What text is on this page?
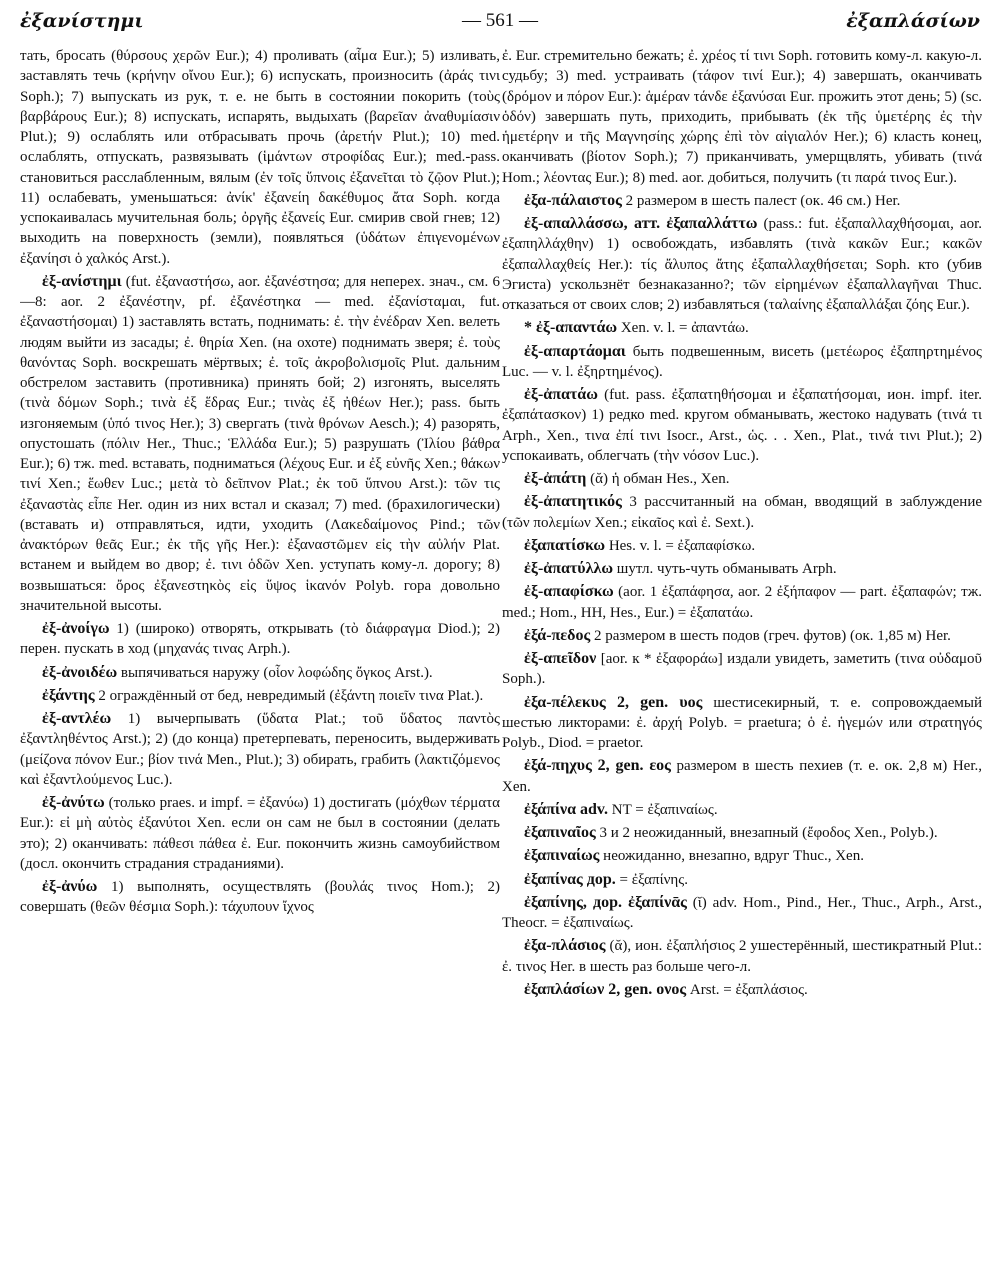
ἐξανίστημι	— 561 —	ἐξαπλάσίων

тать, бросать (θύρσους χερῶν Eur.); 4) проливать (αἷμα Eur.); 5) изливать, заставлять течь (κρήνην οἴνου Eur.); 6) испускать, произносить (ἀράς τινι Soph.); 7) выпускать из рук, т. е. не быть в состоянии покорить (τοὺς βαρβάρους Eur.); 8) испускать, испарять, выдыхать (βαρεῖαν ἀναθυμίασιν Plut.); 9) ослаблять или отбрасывать прочь (ἀρετήν Plut.); 10) med. ослаблять, отпускать, развязывать (ἱμάντων στροφίδας Eur.); med.-pass. становиться расслабленным, вялым (ἐν τοῖς ὕπνοις ἐξανεῖται τὸ ζῷον Plut.); 11) ослабевать, уменьшаться: ἀνίκ' ἐξανείη δακέθυμος ἄτα Soph. когда успокаивалась мучительная боль; ὀργῆς ἐξανείς Eur. смирив свой гнев; 12) выходить на поверхность (земли), появляться (ὑδάτων ἐπιγενομένων ἐξανίησι ὁ χαλκός Arst.).

ἐξ-ανίστημι (fut. ἐξαναστήσω, aor. ἐξανέστησα; для неперех. знач., см. 6—8: aor. 2 ἐξανέστην, pf. ἐξανέστηκα — med. ἐξανίσταμαι, fut. ἐξαναστήσομαι) 1) заставлять встать, поднимать: ἐ. τὴν ἐνέδραν Xen. велеть людям выйти из засады; ἐ. θηρία Xen. (на охоте) поднимать зверя; ἐ. τοὺς θανόντας Soph. воскрешать мёртвых; ἐ. τοῖς ἀκροβολισμοῖς Plut. дальним обстрелом заставить (противника) принять бой; 2) изгонять, выселять (τινὰ δόμων Soph.; τινὰ ἐξ ἕδρας Eur.; τινὰς ἐξ ἠθέων Her.); pass. быть изгоняемым (ὑπό τινος Her.); 3) свергать (τινὰ θρόνων Aesch.); 4) разорять, опустошать (πόλιν Her., Thuc.; Ἑλλάδα Eur.); 5) разрушать (Ἰλίου βάθρα Eur.); 6) тж. med. вставать, подниматься (λέχους Eur. и ἐξ εὐνῆς Xen.; θάκων τινί Xen.; ἕωθεν Luc.; μετὰ τὸ δεῖπνον Plat.; ἐκ τοῦ ὕπνου Arst.): τῶν τις ἐξαναστὰς εἶπε Her. один из них встал и сказал; 7) med. (брахилогически) (вставать и) отправляться, идти, уходить (Λακεδαίμονος Pind.; τῶν ἀνακτόρων θεᾶς Eur.; ἐκ τῆς γῆς Her.): ἐξαναστῶμεν εἰς τὴν αὐλήν Plat. встанем и выйдем во двор; ἐ. τινι ὁδῶν Xen. уступать кому-л. дорогу; 8) возвышаться: ὄρος ἐξανεστηκὸς εἰς ὕψος ἱκανόν Polyb. гора довольно значительной высоты.

ἐξ-ἀνοίγω 1) (широко) отворять, открывать (τὸ διάφραγμα Diod.); 2) перен. пускать в ход (μηχανάς τινας Arph.).

ἐξ-ἀνοιδέω выпячиваться наружу (οἷον λοφώδης ὄγκος Arst.).

ἐξάντης 2 ограждённый от бед, невредимый (ἐξάντη ποιεῖν τινα Plat.).

ἐξ-αντλέω 1) вычерпывать (ὕδατα Plat.; τοῦ ὕδατος παντὸς ἐξαντληθέντος Arst.); 2) (до конца) претерпевать, переносить, выдерживать (μείζονα πόνον Eur.; βίον τινά Men., Plut.); 3) обирать, грабить (λακτιζόμενος καὶ ἐξαντλούμενος Luc.).

ἐξ-ἀνύτω (только praes. и impf. = ἐξανύω) 1) достигать (μόχθων τέρματα Eur.): εἰ μὴ αὐτὸς ἐξανύτοι Xen. если он сам не был в состоянии (делать это); 2) оканчивать: πάθεσι πάθεα ἐ. Eur. покончить жизнь самоубийством (досл. окончить страдания страданиями).

ἐξ-ἀνύω 1) выполнять, осуществлять (βουλάς τινος Hom.); 2) совершать (θεῶν θέσμια Soph.): τάχυπουν ἴχνος

ἐ. Eur. стремительно бежать; ἐ. χρέος τί τινι Soph. готовить кому-л. какую-л. судьбу; 3) med. устраивать (τάφον τινί Eur.); 4) завершать, оканчивать (δρόμον и πόρον Eur.): ἁμέραν τάνδε ἐξανύσαι Eur. прожить этот день; 5) (sc. ὁδόν) завершать путь, приходить, прибывать (ἐκ τῆς ὑμετέρης ἐς τὴν ἡμετέρην и τῆς Μαγνησίης χώρης ἐπὶ τὸν αἰγιαλόν Her.); 6) класть конец, оканчивать (βίοτον Soph.); 7) приканчивать, умерщвлять, убивать (τινά Hom.; λέοντας Eur.); 8) med. aor. добиться, получить (τι παρά τινος Eur.).

ἐξα-πάλαιστος 2 размером в шесть палест (ок. 46 см.) Her.

ἐξ-απαλλάσσω, атт. ἐξαπαλλάττω (pass.: fut. ἐξαπαλλαχθήσομαι, aor. ἐξαπηλλάχθην) 1) освобождать, избавлять (τινὰ κακῶν Eur.; κακῶν ἐξαπαλλαχθείς Her.): τίς ἄλυπος ἄτης ἐξαπαλλαχθήσεται; Soph. кто (убив Эгиста) ускользнёт безнаказанно?; τῶν εἰρημένων ἐξαπαλλαγῆναι Thuc. отказаться от своих слов; 2) избавляться (ταλαίνης ἐξαπαλλάξαι ζόης Eur.).

* ἐξ-απαντάω Xen. v. l. = ἀπαντάω.

ἐξ-απαρτάομαι быть подвешенным, висеть (μετέωρος ἐξαπηρτημένος Luc. — v. l. ἐξηρτημένος).

ἐξ-ἀπατάω (fut. pass. ἐξαπατηθήσομαι и ἐξαπατήσομαι, ион. impf. iter. ἐξαπάτασκον) 1) редко med. кругом обманывать, жестоко надувать (τινά τι Arph., Xen., τινα ἐπί τινι Isocr., Arst., ὡς. . . Xen., Plat., τινά τινι Plut.); 2) успокаивать, облегчать (τὴν νόσον Luc.).

ἐξ-ἀπάτη (ᾰ) ἡ обман Hes., Xen.

ἐξ-ἀπατητικός 3 рассчитанный на обман, вводящий в заблуждение (τῶν πολεμίων Xen.; εἰκαῖος καὶ ἐ. Sext.).

ἐξαπατίσκω Hes. v. l. = ἐξαπαφίσκω.

ἐξ-ἀπατύλλω шутл. чуть-чуть обманывать Arph.

ἐξ-απαφίσκω (aor. 1 ἐξαπάφησα, aor. 2 ἐξήπαφον — part. ἐξαπαφών; тж. med.; Hom., HH, Hes., Eur.) = ἐξαπατάω.

ἐξά-πεδος 2 размером в шесть подов (греч. футов) (ок. 1,85 м) Her.

ἐξ-απεῖδον [aor. к * ἐξαφοράω] издали увидеть, заметить (τινα οὐδαμοῦ Soph.).

ἐξα-πέλεκυς 2, gen. υος шестисекирный, т. е. сопровождаемый шестью ликторами: ἐ. ἀρχή Polyb. = praetura; ὁ ἐ. ἡγεμών или στρατηγός Polyb., Diod. = praetor.

ἐξά-πηχυς 2, gen. εος размером в шесть пехиев (т. е. ок. 2,8 м) Her., Xen.

ἐξάπίνα adv. NT = ἐξαπιναίως.

ἐξαπιναῖος 3 и 2 неожиданный, внезапный (ἔφοδος Xen., Polyb.).

ἐξαπιναίως неожиданно, внезапно, вдруг Thuc., Xen.

ἐξαπίνας дор. = ἐξαπίνης.

ἐξαπίνης, дор. ἐξαπίνᾱς (ῐ) adv. Hom., Pind., Her., Thuc., Arph., Arst., Theocr. = ἐξαπιναίως.

ἐξα-πλάσιος (ᾰ), ион. ἐξαπλήσιος 2 ушестерённый, шестикратный Plut.: ἐ. τινος Her. в шесть раз больше чего-л.

ἐξαπλάσίων 2, gen. ονος Arst. = ἐξαπλάσιος.
